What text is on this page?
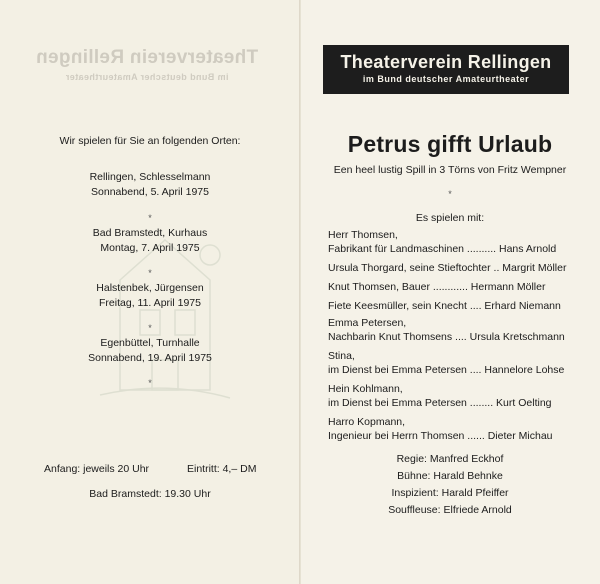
Theaterverein Rellingen
im Bund deutscher Amateurtheater
Wir spielen für Sie an folgenden Orten:
Rellingen, Schlesselmann
Sonnabend, 5. April 1975
*
Bad Bramstedt, Kurhaus
Montag, 7. April 1975
*
Halstenbek, Jürgensen
Freitag, 11. April 1975
*
Egenbüttel, Turnhalle
Sonnabend, 19. April 1975
*
Anfang: jeweils 20 Uhr	Eintritt: 4,– DM
Bad Bramstedt: 19.30 Uhr
Theaterverein Rellingen
im Bund deutscher Amateurtheater
Petrus gifft Urlaub
Een heel lustig Spill in 3 Törns von Fritz Wempner
*
Es spielen mit:
Herr Thomsen,
Fabrikant für Landmaschinen .......... Hans Arnold
Ursula Thorgard, seine Stieftochter .. Margrit Möller
Knut Thomsen, Bauer ............ Hermann Möller
Fiete Keesmüller, sein Knecht .... Erhard Niemann
Emma Petersen,
Nachbarin Knut Thomsens .... Ursula Kretschmann
Stina,
im Dienst bei Emma Petersen .... Hannelore Lohse
Hein Kohlmann,
im Dienst bei Emma Petersen ........ Kurt Oelting
Harro Kopmann,
Ingenieur bei Herrn Thomsen ...... Dieter Michau
Regie: Manfred Eckhof
Bühne: Harald Behnke
Inspizient: Harald Pfeiffer
Souffleuse: Elfriede Arnold
